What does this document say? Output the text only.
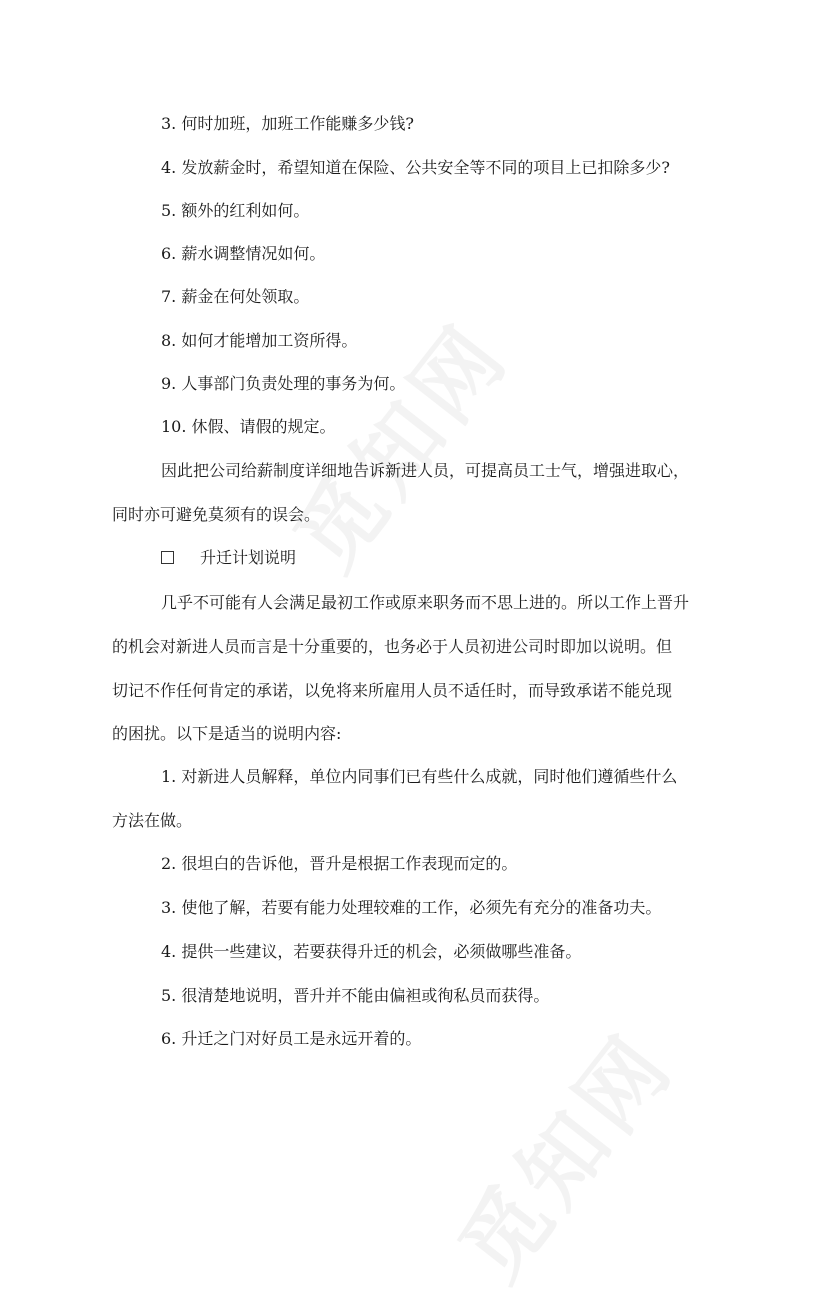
3. 何时加班，加班工作能赚多少钱?
4. 发放薪金时，希望知道在保险、公共安全等不同的项目上已扣除多少?
5. 额外的红利如何。
6. 薪水调整情况如何。
7. 薪金在何处领取。
8. 如何才能增加工资所得。
9. 人事部门负责处理的事务为何。
10. 休假、请假的规定。
因此把公司给薪制度详细地告诉新进人员，可提高员工士气，增强进取心，
同时亦可避免莫须有的误会。
升迁计划说明
几乎不可能有人会满足最初工作或原来职务而不思上进的。所以工作上晋升
的机会对新进人员而言是十分重要的，也务必于人员初进公司时即加以说明。但
切记不作任何肯定的承诺，以免将来所雇用人员不适任时，而导致承诺不能兑现
的困扰。以下是适当的说明内容:
1. 对新进人员解释，单位内同事们已有些什么成就，同时他们遵循些什么
方法在做。
2. 很坦白的告诉他，晋升是根据工作表现而定的。
3. 使他了解，若要有能力处理较难的工作，必须先有充分的准备功夫。
4. 提供一些建议，若要获得升迁的机会，必须做哪些准备。
5. 很清楚地说明，晋升并不能由偏袒或徇私员而获得。
6. 升迁之门对好员工是永远开着的。
